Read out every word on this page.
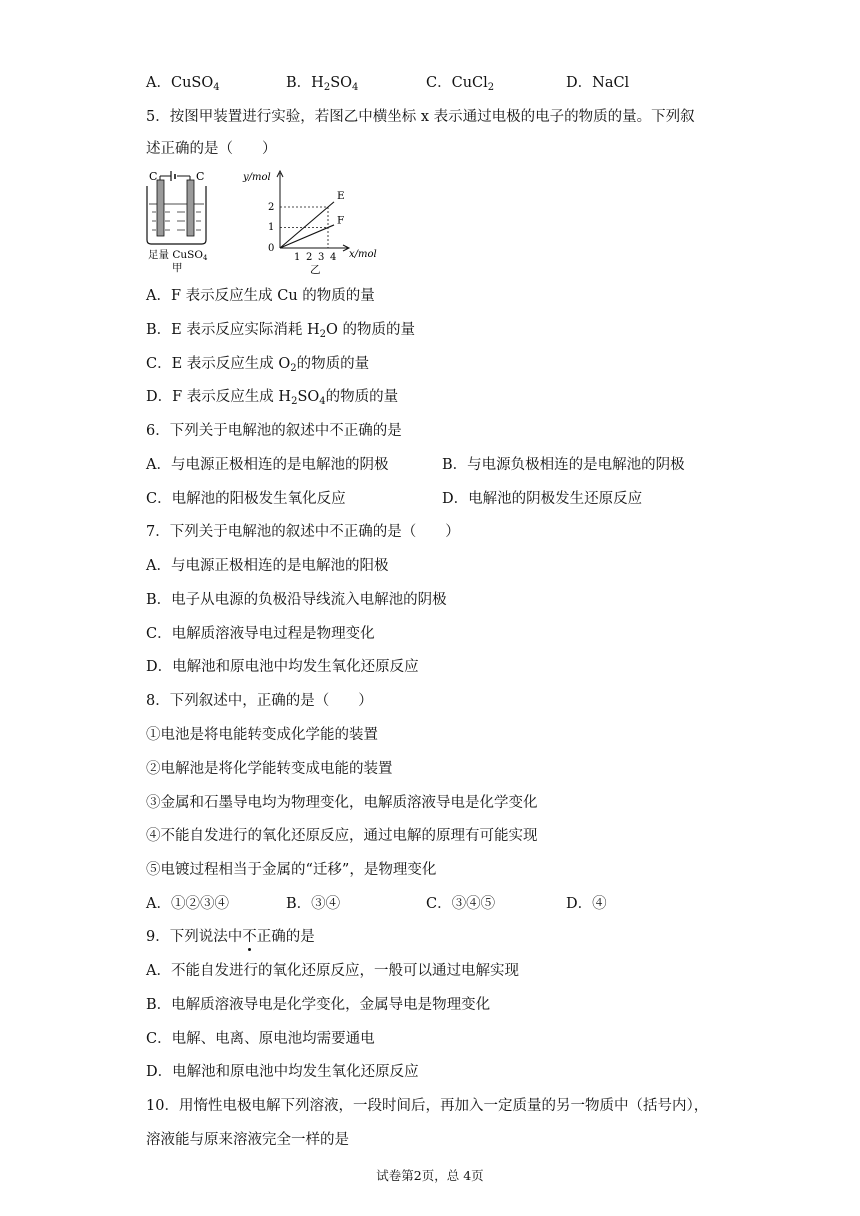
A．CuSO$_4$	B．$H_2SO_4$	C．CuCl$_2$	D．NaCl
5．按图甲装置进行实验，若图乙中横坐标 x 表示通过电极的电子的物质的量。下列叙
述正确的是（　　）
C	C
足量 CuSO4
甲
y/mol
x/mol
2
1
0
1 2 3 4
E
F
乙
A．F 表示反应生成 Cu 的物质的量
B．E 表示反应实际消耗 $H_2O$ 的物质的量
C．E 表示反应生成 $O_2$的物质的量
D．F 表示反应生成 $H_2SO_4$的物质的量
6．下列关于电解池的叙述中不正确的是
A．与电源正极相连的是电解池的阴极	B．与电源负极相连的是电解池的阴极
C．电解池的阳极发生氧化反应	D．电解池的阴极发生还原反应
7．下列关于电解池的叙述中不正确的是（　　）
A．与电源正极相连的是电解池的阳极
B．电子从电源的负极沿导线流入电解池的阴极
C．电解质溶液导电过程是物理变化
D．电解池和原电池中均发生氧化还原反应
8．下列叙述中，正确的是（　　）
①电池是将电能转变成化学能的装置
②电解池是将化学能转变成电能的装置
③金属和石墨导电均为物理变化，电解质溶液导电是化学变化
④不能自发进行的氧化还原反应，通过电解的原理有可能实现
⑤电镀过程相当于金属的“迁移”，是物理变化
A．①②③④	B．③④	C．③④⑤	D．④
9．下列说法中不正确的是
A．不能自发进行的氧化还原反应，一般可以通过电解实现
B．电解质溶液导电是化学变化，金属导电是物理变化
C．电解、电离、原电池均需要通电
D．电解池和原电池中均发生氧化还原反应
10．用惰性电极电解下列溶液，一段时间后，再加入一定质量的另一物质中（括号内），
溶液能与原来溶液完全一样的是
试卷第2页，总 4页
